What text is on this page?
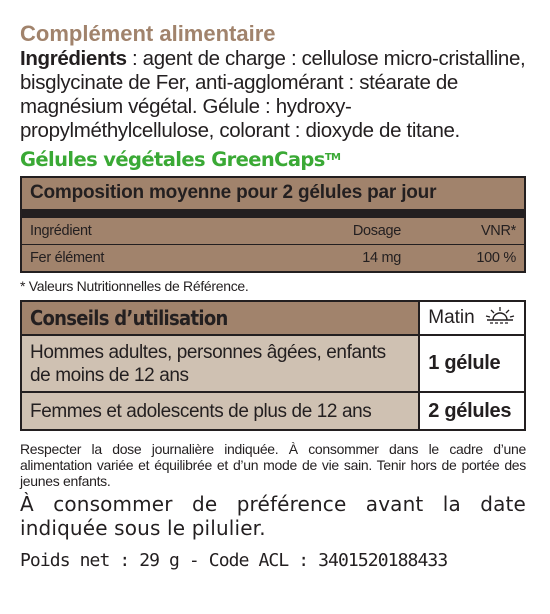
Complément alimentaire
Ingrédients : agent de charge : cellulose micro-cristalline, bisglycinate de Fer, anti-agglomérant : stéarate de magnésium végétal. Gélule : hydroxy-propylméthylcellulose, colorant : dioxyde de titane.
Gélules végétales GreenCaps™
Composition moyenne pour 2 gélules par jour
Ingrédient	Dosage	VNR*
Fer élément	14 mg	100 %
* Valeurs Nutritionnelles de Référence.
Conseils d’utilisation	Matin
Hommes adultes, personnes âgées, enfants de moins de 12 ans	1 gélule
Femmes et adolescents de plus de 12 ans	2 gélules
Respecter la dose journalière indiquée. À consommer dans le cadre d’une alimentation variée et équilibrée et d’un mode de vie sain. Tenir hors de portée des jeunes enfants.
À consommer de préférence avant la date indiquée sous le pilulier.
Poids net : 29 g - Code ACL : 3401520188433
